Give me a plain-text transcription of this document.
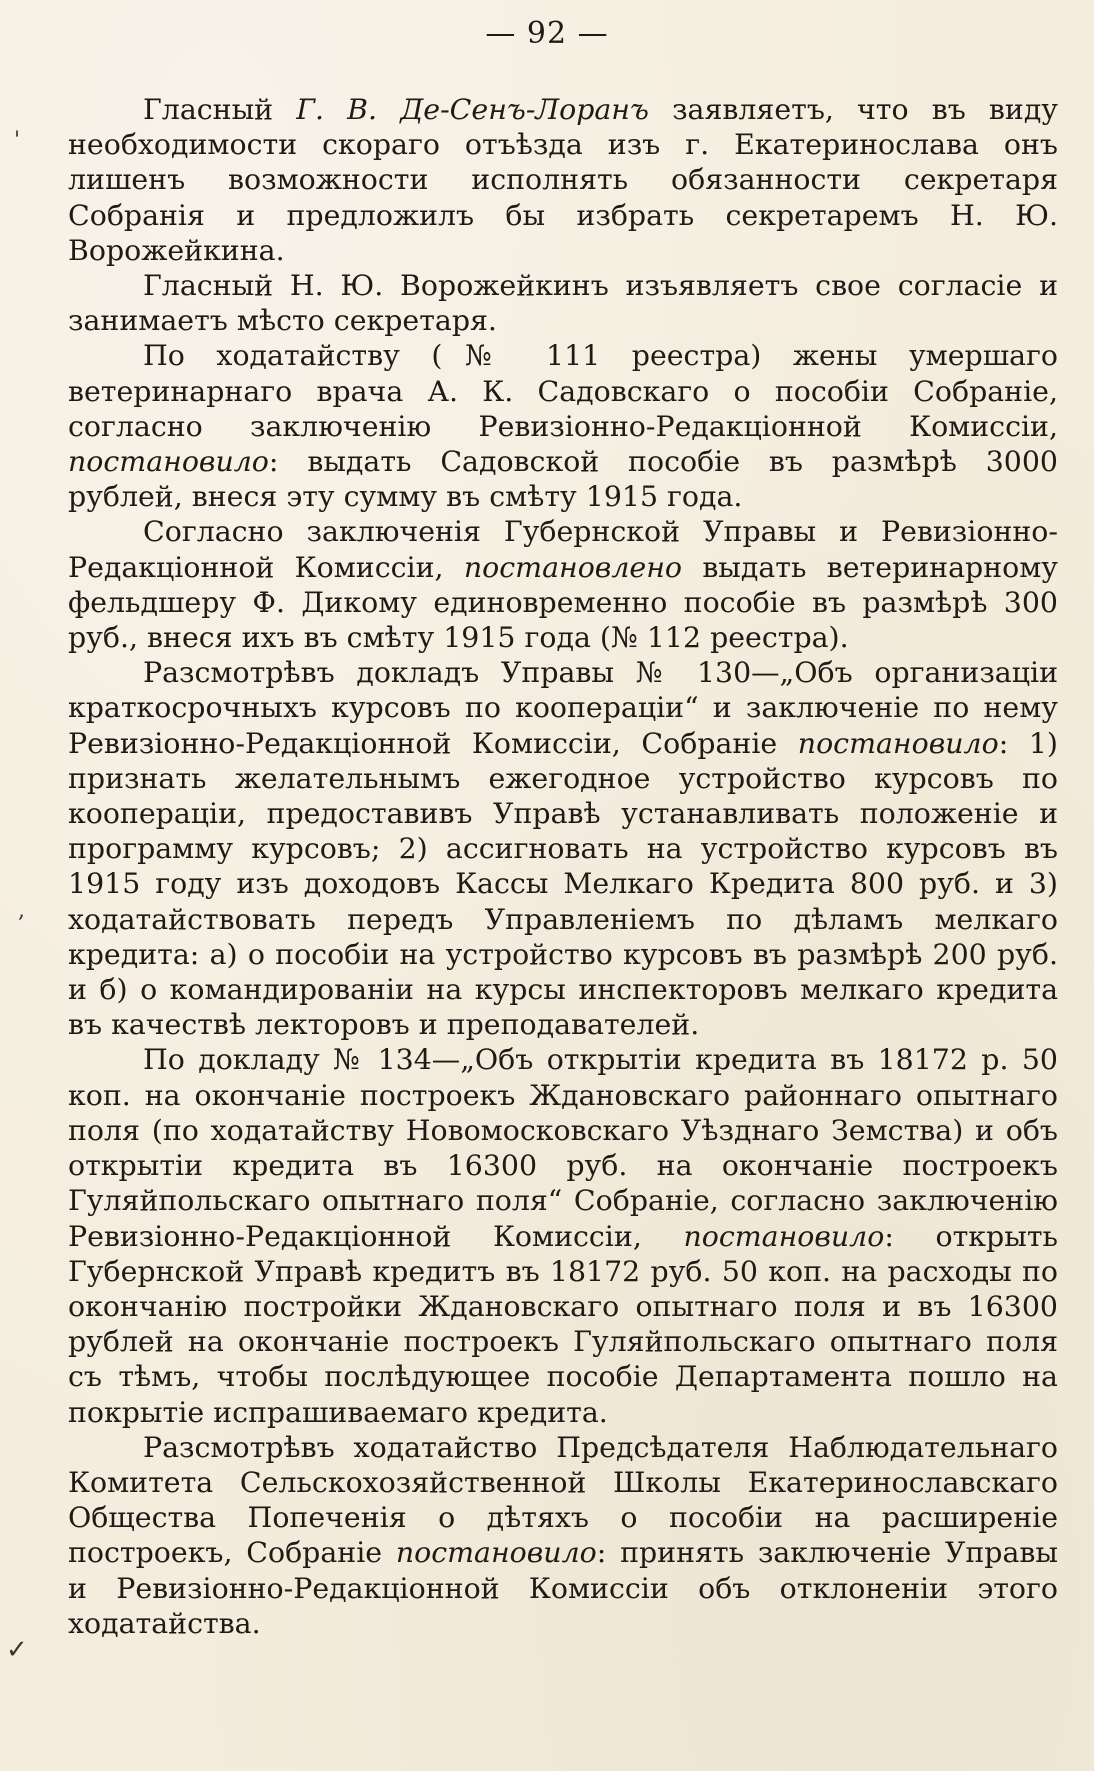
— 92 —
'
,
✓

Гласный Г. В. Де-Сенъ-Лоранъ заявляетъ, что въ виду необходимости скораго отъѣзда изъ г. Екатеринослава онъ лишенъ возможности исполнять обязанности секретаря Собранія и предложилъ бы избрать секретаремъ Н. Ю. Ворожейкина.

Гласный Н. Ю. Ворожейкинъ изъявляетъ свое согласіе и занимаетъ мѣсто секретаря.

По ходатайству (№ 111 реестра) жены умершаго ветеринарнаго врача А. К. Садовскаго о пособіи Собраніе, согласно заключенію Ревизіонно-Редакціонной Комиссіи, постановило: выдать Садовской пособіе въ размѣрѣ 3000 рублей, внеся эту сумму въ смѣту 1915 года.

Согласно заключенія Губернской Управы и Ревизіонно-Редакціонной Комиссіи, постановлено выдать ветеринарному фельдшеру Ф. Дикому единовременно пособіе въ размѣрѣ 300 руб., внеся ихъ въ смѣту 1915 года (№ 112 реестра).

Разсмотрѣвъ докладъ Управы № 130—„Объ организаціи краткосрочныхъ курсовъ по коопераціи“ и заключеніе по нему Ревизіонно-Редакціонной Комиссіи, Собраніе постановило: 1) признать желательнымъ ежегодное устройство курсовъ по коопераціи, предоставивъ Управѣ устанавливать положеніе и программу курсовъ; 2) ассигновать на устройство курсовъ въ 1915 году изъ доходовъ Кассы Мелкаго Кредита 800 руб. и 3) ходатайствовать передъ Управленіемъ по дѣламъ мелкаго кредита: а) о пособіи на устройство курсовъ въ размѣрѣ 200 руб. и б) о командированіи на курсы инспекторовъ мелкаго кредита въ качествѣ лекторовъ и преподавателей.

По докладу № 134—„Объ открытіи кредита въ 18172 р. 50 коп. на окончаніе построекъ Ждановскаго районнаго опытнаго поля (по ходатайству Новомосковскаго Уѣзднаго Земства) и объ открытіи кредита въ 16300 руб. на окончаніе построекъ Гуляйпольскаго опытнаго поля“ Собраніе, согласно заключенію Ревизіонно-Редакціонной Комиссіи, постановило: открыть Губернской Управѣ кредитъ въ 18172 руб. 50 коп. на расходы по окончанію постройки Ждановскаго опытнаго поля и въ 16300 рублей на окончаніе построекъ Гуляйпольскаго опытнаго поля съ тѣмъ, чтобы послѣдующее пособіе Департамента пошло на покрытіе испрашиваемаго кредита.

Разсмотрѣвъ ходатайство Предсѣдателя Наблюдательнаго Комитета Сельскохозяйственной Школы Екатеринославскаго Общества Попеченія о дѣтяхъ о пособіи на расширеніе построекъ, Собраніе постановило: принять заключеніе Управы и Ревизіонно-Редакціонной Комиссіи объ отклоненіи этого ходатайства.
